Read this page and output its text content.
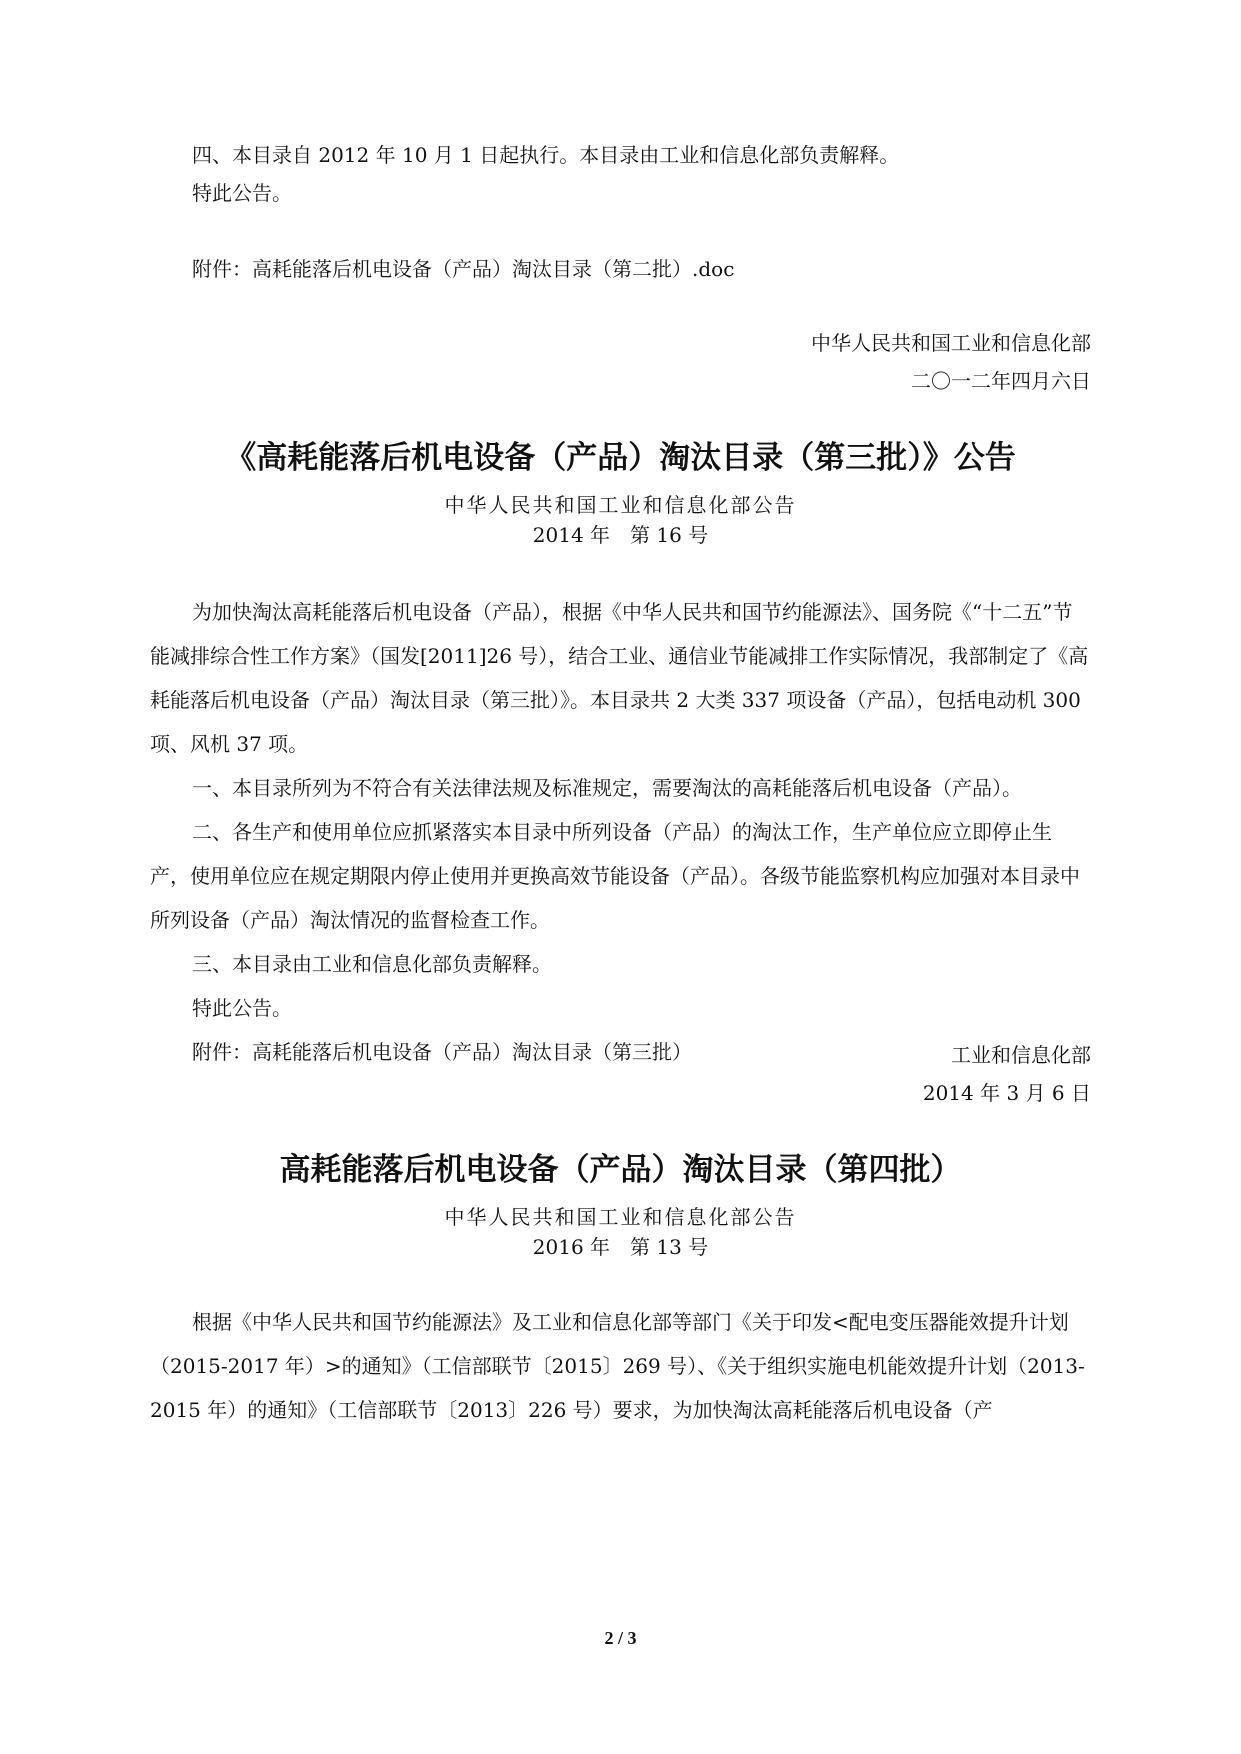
四、本目录自 2012 年 10 月 1 日起执行。本目录由工业和信息化部负责解释。
特此公告。
附件：高耗能落后机电设备（产品）淘汰目录（第二批）.doc
中华人民共和国工业和信息化部
二〇一二年四月六日
《高耗能落后机电设备（产品）淘汰目录（第三批）》公告
中华人民共和国工业和信息化部公告
2014 年　第 16 号
为加快淘汰高耗能落后机电设备（产品），根据《中华人民共和国节约能源法》、国务院《“十二五”节能减排综合性工作方案》（国发[2011]26 号），结合工业、通信业节能减排工作实际情况，我部制定了《高耗能落后机电设备（产品）淘汰目录（第三批）》。本目录共 2 大类 337 项设备（产品），包括电动机 300 项、风机 37 项。
一、本目录所列为不符合有关法律法规及标准规定，需要淘汰的高耗能落后机电设备（产品）。
二、各生产和使用单位应抓紧落实本目录中所列设备（产品）的淘汰工作，生产单位应立即停止生产，使用单位应在规定期限内停止使用并更换高效节能设备（产品）。各级节能监察机构应加强对本目录中所列设备（产品）淘汰情况的监督检查工作。
三、本目录由工业和信息化部负责解释。
特此公告。
附件：高耗能落后机电设备（产品）淘汰目录（第三批）	工业和信息化部
2014 年 3 月 6 日
高耗能落后机电设备（产品）淘汰目录（第四批）
中华人民共和国工业和信息化部公告
2016 年　第 13 号
根据《中华人民共和国节约能源法》及工业和信息化部等部门《关于印发<配电变压器能效提升计划（2015-2017 年）>的通知》（工信部联节〔2015〕269 号）、《关于组织实施电机能效提升计划（2013-2015 年）的通知》（工信部联节〔2013〕226 号）要求，为加快淘汰高耗能落后机电设备（产
2 / 3
